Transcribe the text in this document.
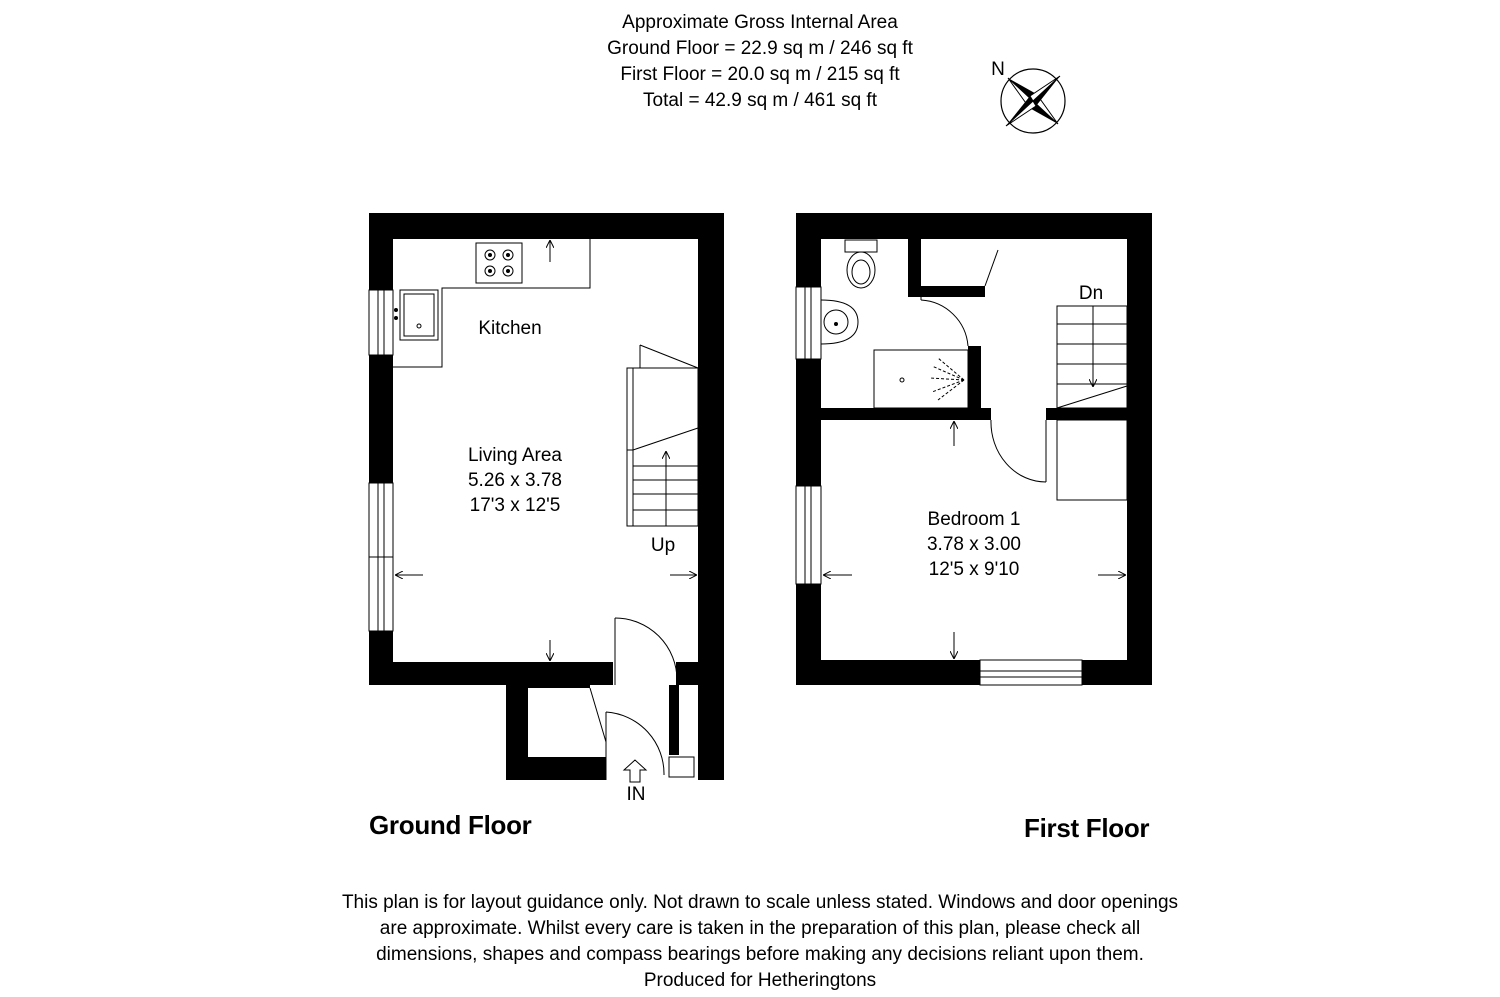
Approximate Gross Internal Area
Ground Floor = 22.9 sq m / 246 sq ft
First Floor = 20.0 sq m / 215 sq ft
Total = 42.9 sq m / 461 sq ft
N
Kitchen
Living Area
5.26 x 3.78
17'3 x 12'5
Up
IN
Ground Floor
Dn
Bedroom 1
3.78 x 3.00
12'5 x 9'10
First Floor
This plan is for layout guidance only. Not drawn to scale unless stated. Windows and door openings
are approximate. Whilst every care is taken in the preparation of this plan, please check all
dimensions, shapes and compass bearings before making any decisions reliant upon them.
Produced for Hetheringtons
